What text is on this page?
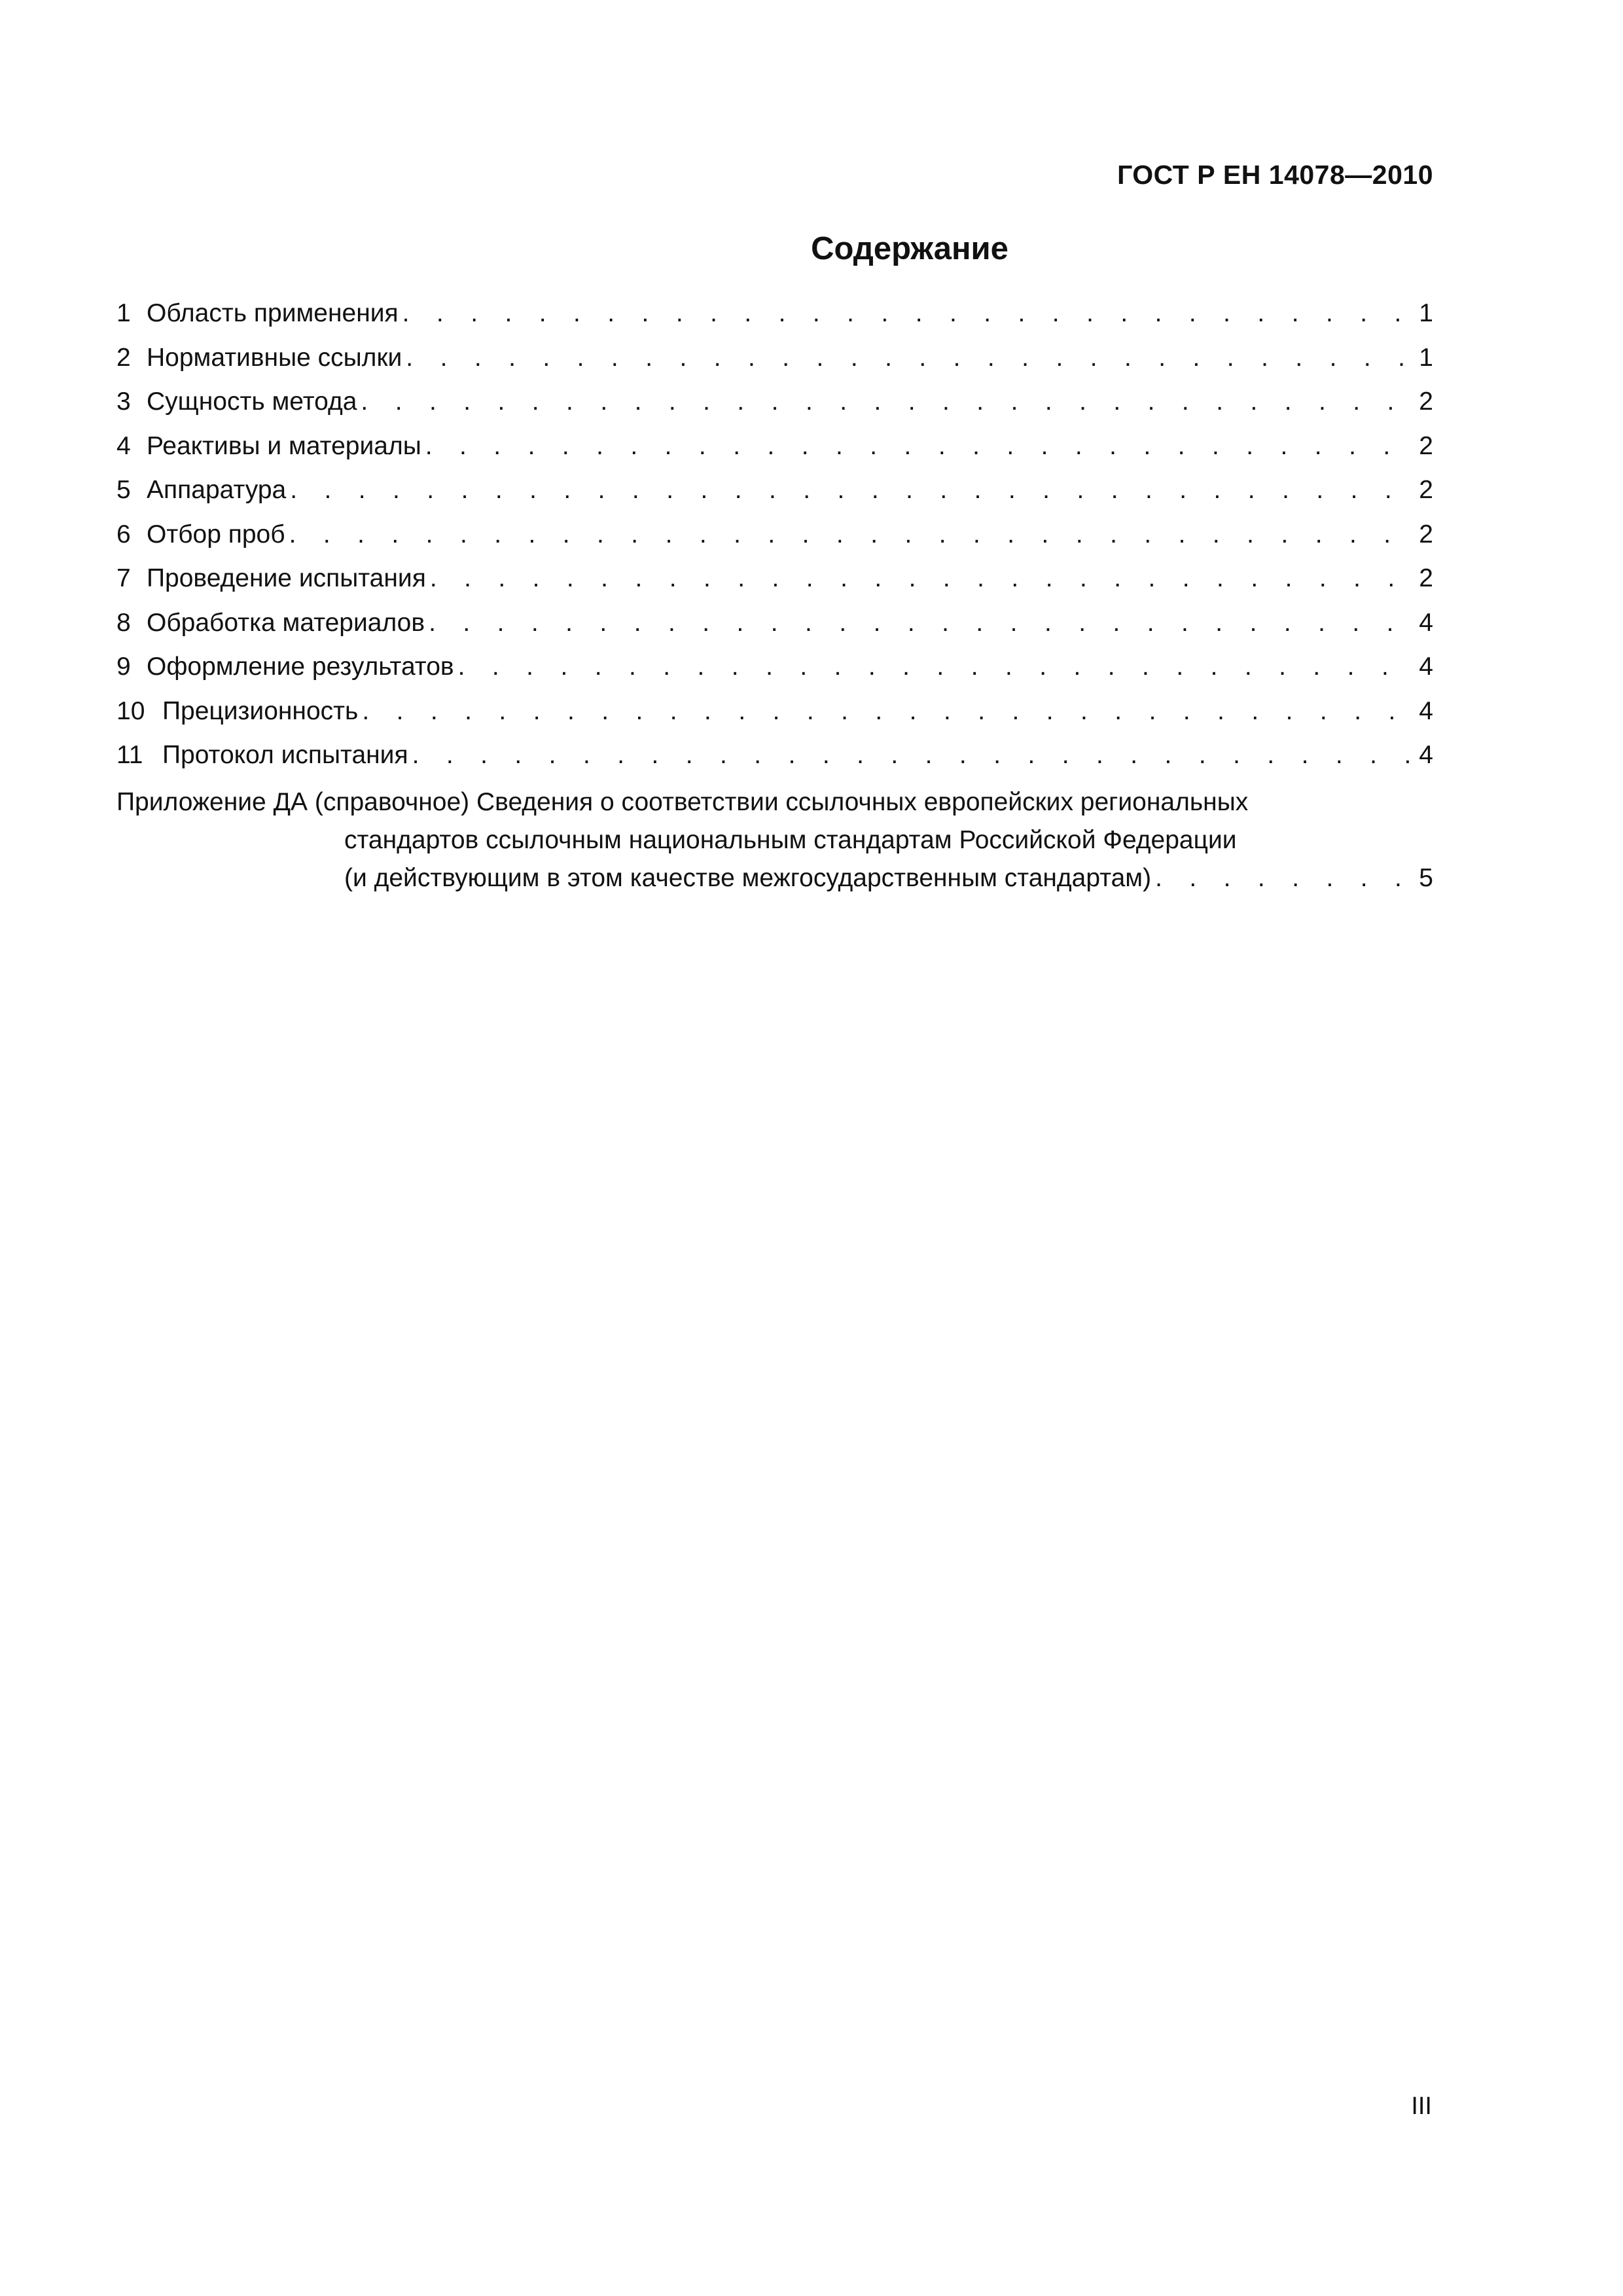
ГОСТ Р ЕН 14078—2010
Содержание
1 Область применения . . .	1
2 Нормативные ссылки . . .	1
3 Сущность метода . . .	2
4 Реактивы и материалы . . .	2
5 Аппаратура . . .	2
6 Отбор проб . . .	2
7 Проведение испытания . . .	2
8 Обработка материалов . . .	4
9 Оформление результатов . . .	4
10 Прецизионность . . .	4
11 Протокол испытания . . .	4
Приложение ДА (справочное) Сведения о соответствии ссылочных европейских региональных
стандартов ссылочным национальным стандартам Российской Федерации
(и действующим в этом качестве межгосударственным стандартам) . . .	5
III
